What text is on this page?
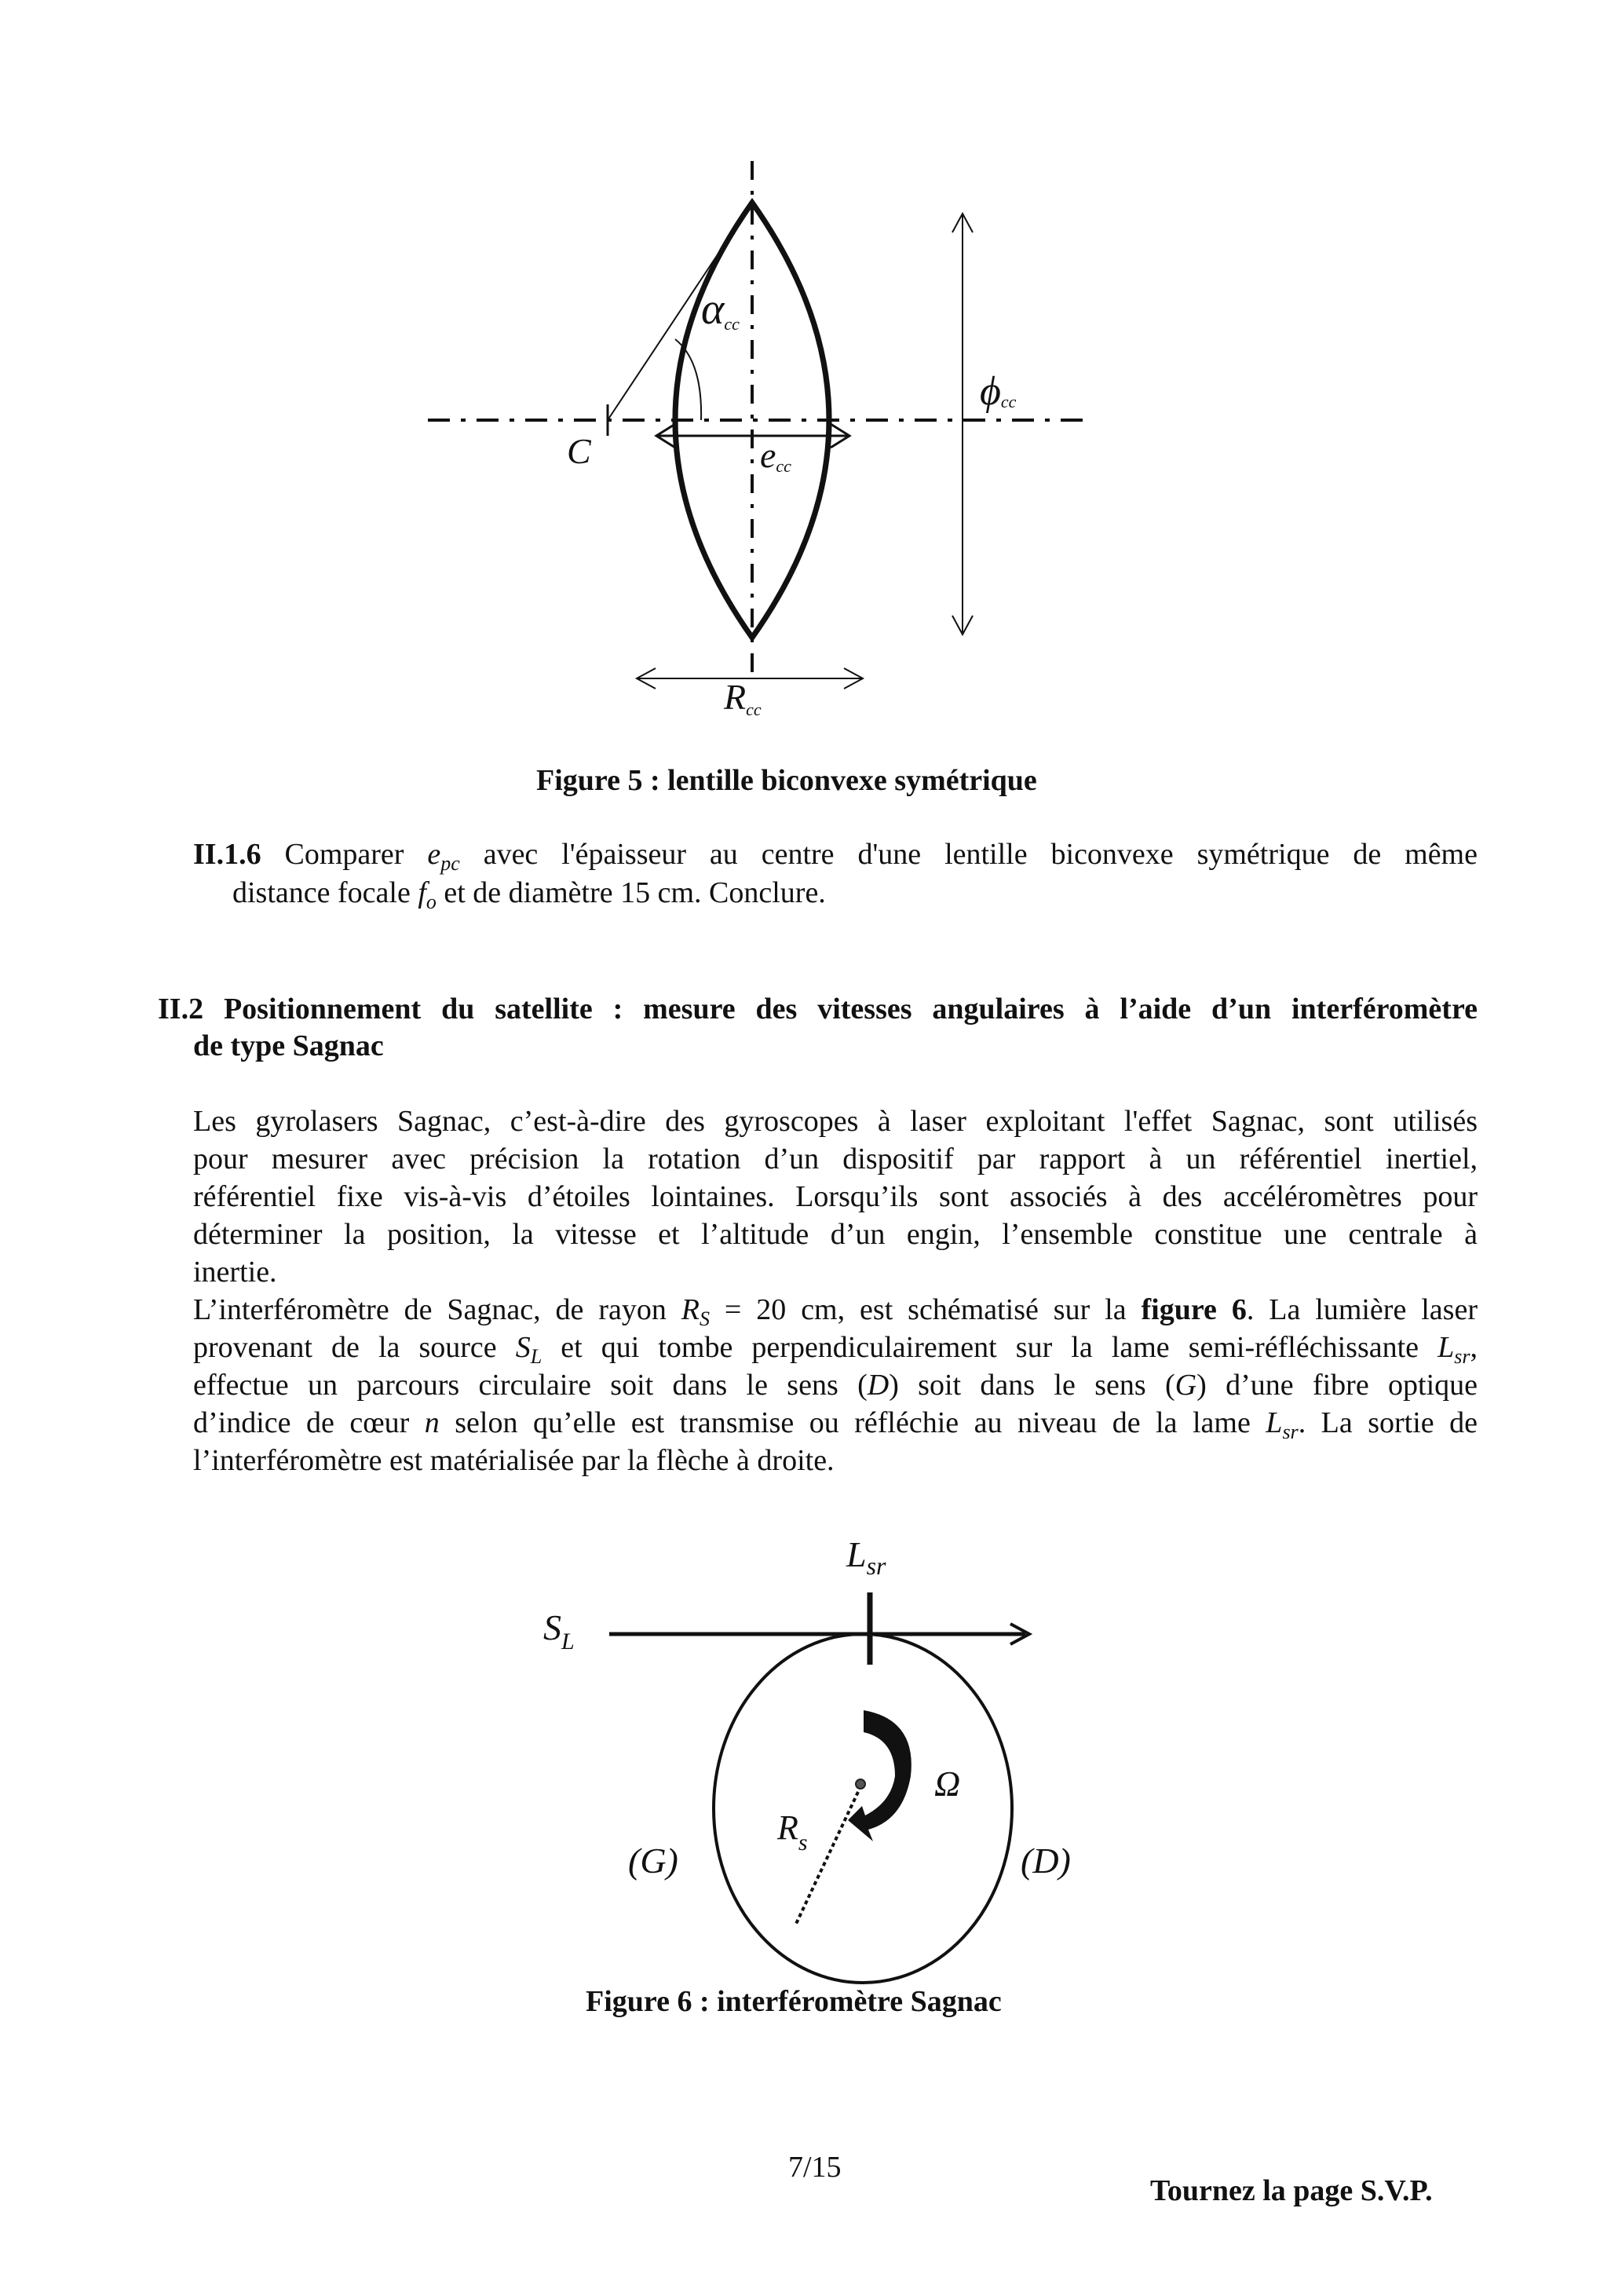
αcc
ϕcc
C	ecc
Rcc
$S_L$
$L_{sr}$
Ω
$R_s$
(G)	(D)
Figure 5 : lentille biconvexe symétrique
II.1.6 Comparer $e_{pc}$ avec l'épaisseur au centre d'une lentille biconvexe symétrique de même
distance focale $f_o$ et de diamètre 15 cm. Conclure.
II.2 Positionnement du satellite : mesure des vitesses angulaires à l’aide d’un interféromètre
de type Sagnac
Les gyrolasers Sagnac, c’est-à-dire des gyroscopes à laser exploitant l'effet Sagnac, sont utilisés
pour mesurer avec précision la rotation d’un dispositif par rapport à un référentiel inertiel,
référentiel fixe vis-à-vis d’étoiles lointaines. Lorsqu’ils sont associés à des accéléromètres pour
déterminer la position, la vitesse et l’altitude d’un engin, l’ensemble constitue une centrale à
inertie.
L’interféromètre de Sagnac, de rayon $R_S = 20$ cm, est schématisé sur la figure 6. La lumière laser
provenant de la source $S_L$ et qui tombe perpendiculairement sur la lame semi-réfléchissante $L_{sr}$,
effectue un parcours circulaire soit dans le sens (D) soit dans le sens (G) d’une fibre optique
d’indice de cœur n selon qu’elle est transmise ou réfléchie au niveau de la lame $L_{sr}$. La sortie de
l’interféromètre est matérialisée par la flèche à droite.
Figure 6 : interféromètre Sagnac
7/15
Tournez la page S.V.P.
